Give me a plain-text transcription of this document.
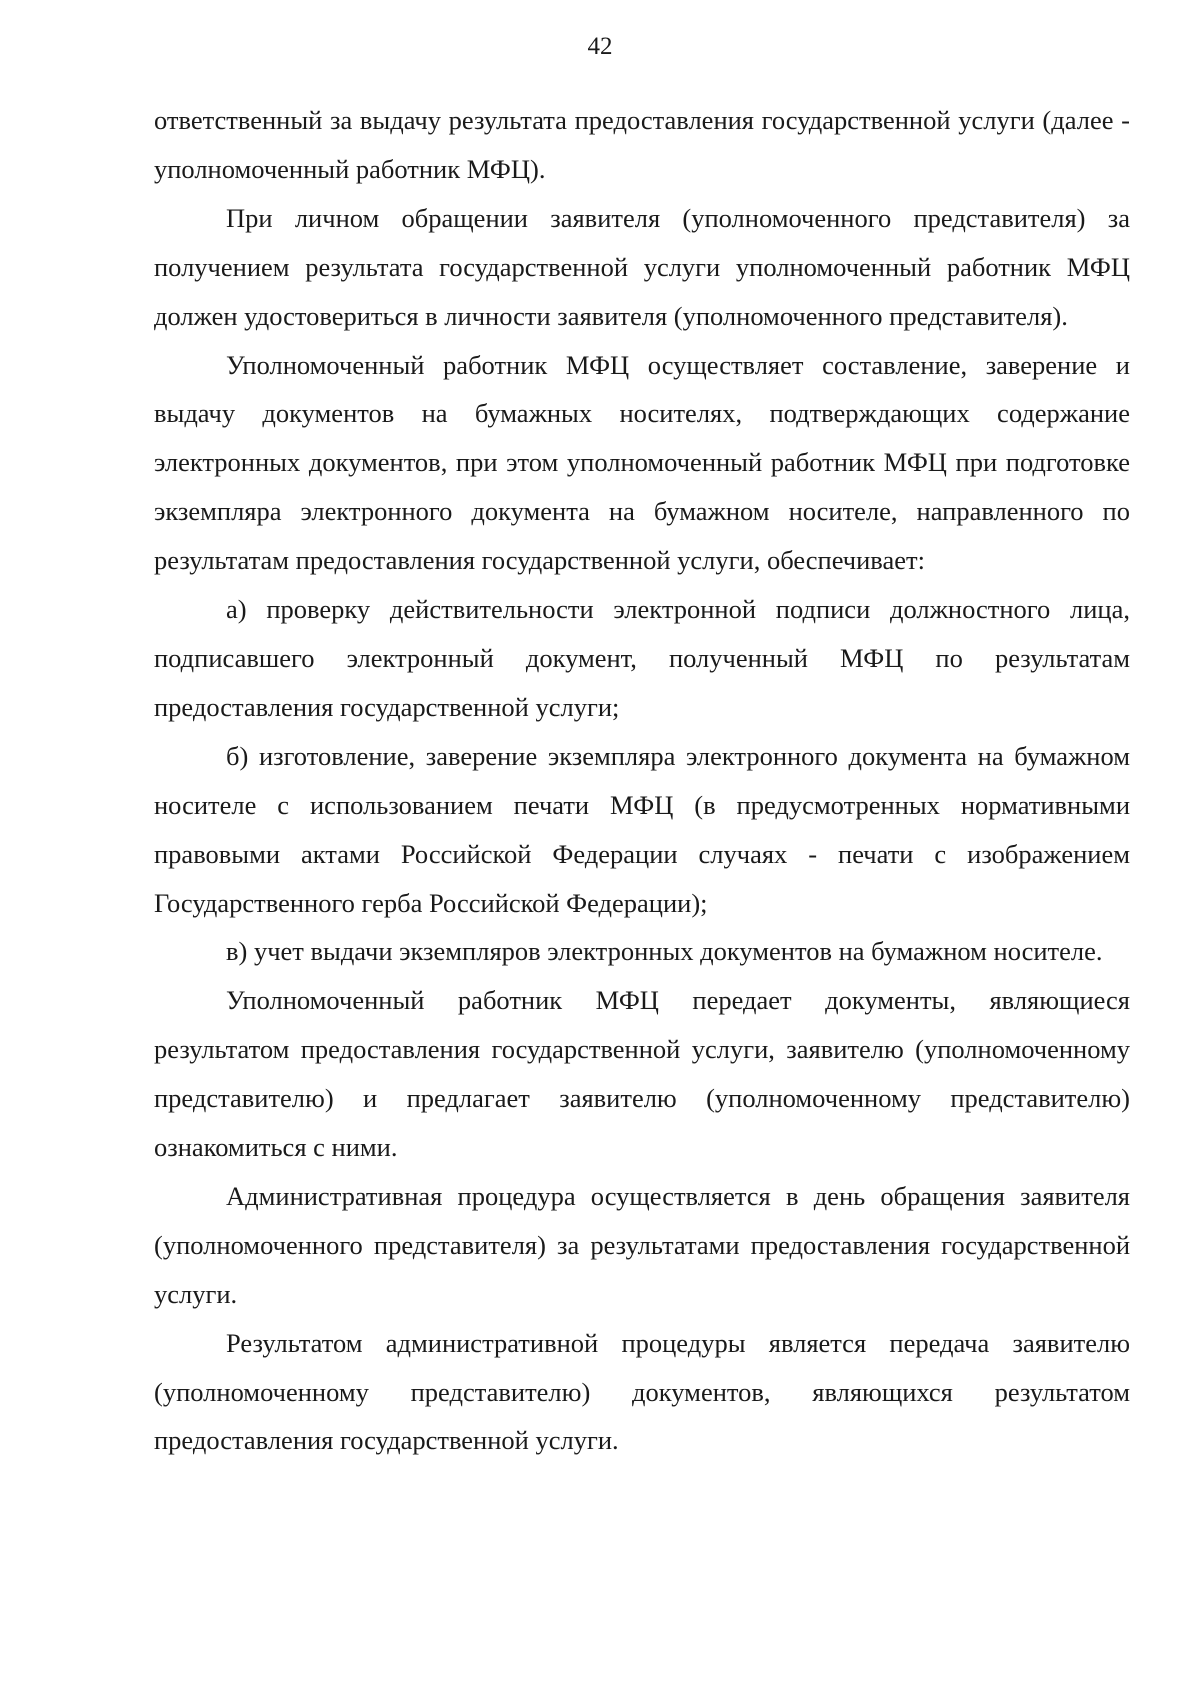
42

ответственный за выдачу результата предоставления государственной услуги (далее - уполномоченный работник МФЦ).

При личном обращении заявителя (уполномоченного представителя) за получением результата государственной услуги уполномоченный работник МФЦ должен удостовериться в личности заявителя (уполномоченного представителя).

Уполномоченный работник МФЦ осуществляет составление, заверение и выдачу документов на бумажных носителях, подтверждающих содержание электронных документов, при этом уполномоченный работник МФЦ при подготовке экземпляра электронного документа на бумажном носителе, направленного по результатам предоставления государственной услуги, обеспечивает:

а) проверку действительности электронной подписи должностного лица, подписавшего электронный документ, полученный МФЦ по результатам предоставления государственной услуги;

б) изготовление, заверение экземпляра электронного документа на бумажном носителе с использованием печати МФЦ (в предусмотренных нормативными правовыми актами Российской Федерации случаях - печати с изображением Государственного герба Российской Федерации);

в) учет выдачи экземпляров электронных документов на бумажном носителе.

Уполномоченный работник МФЦ передает документы, являющиеся результатом предоставления государственной услуги, заявителю (уполномоченному представителю) и предлагает заявителю (уполномоченному представителю) ознакомиться с ними.

Административная процедура осуществляется в день обращения заявителя (уполномоченного представителя) за результатами предоставления государственной услуги.

Результатом административной процедуры является передача заявителю (уполномоченному представителю) документов, являющихся результатом предоставления государственной услуги.
